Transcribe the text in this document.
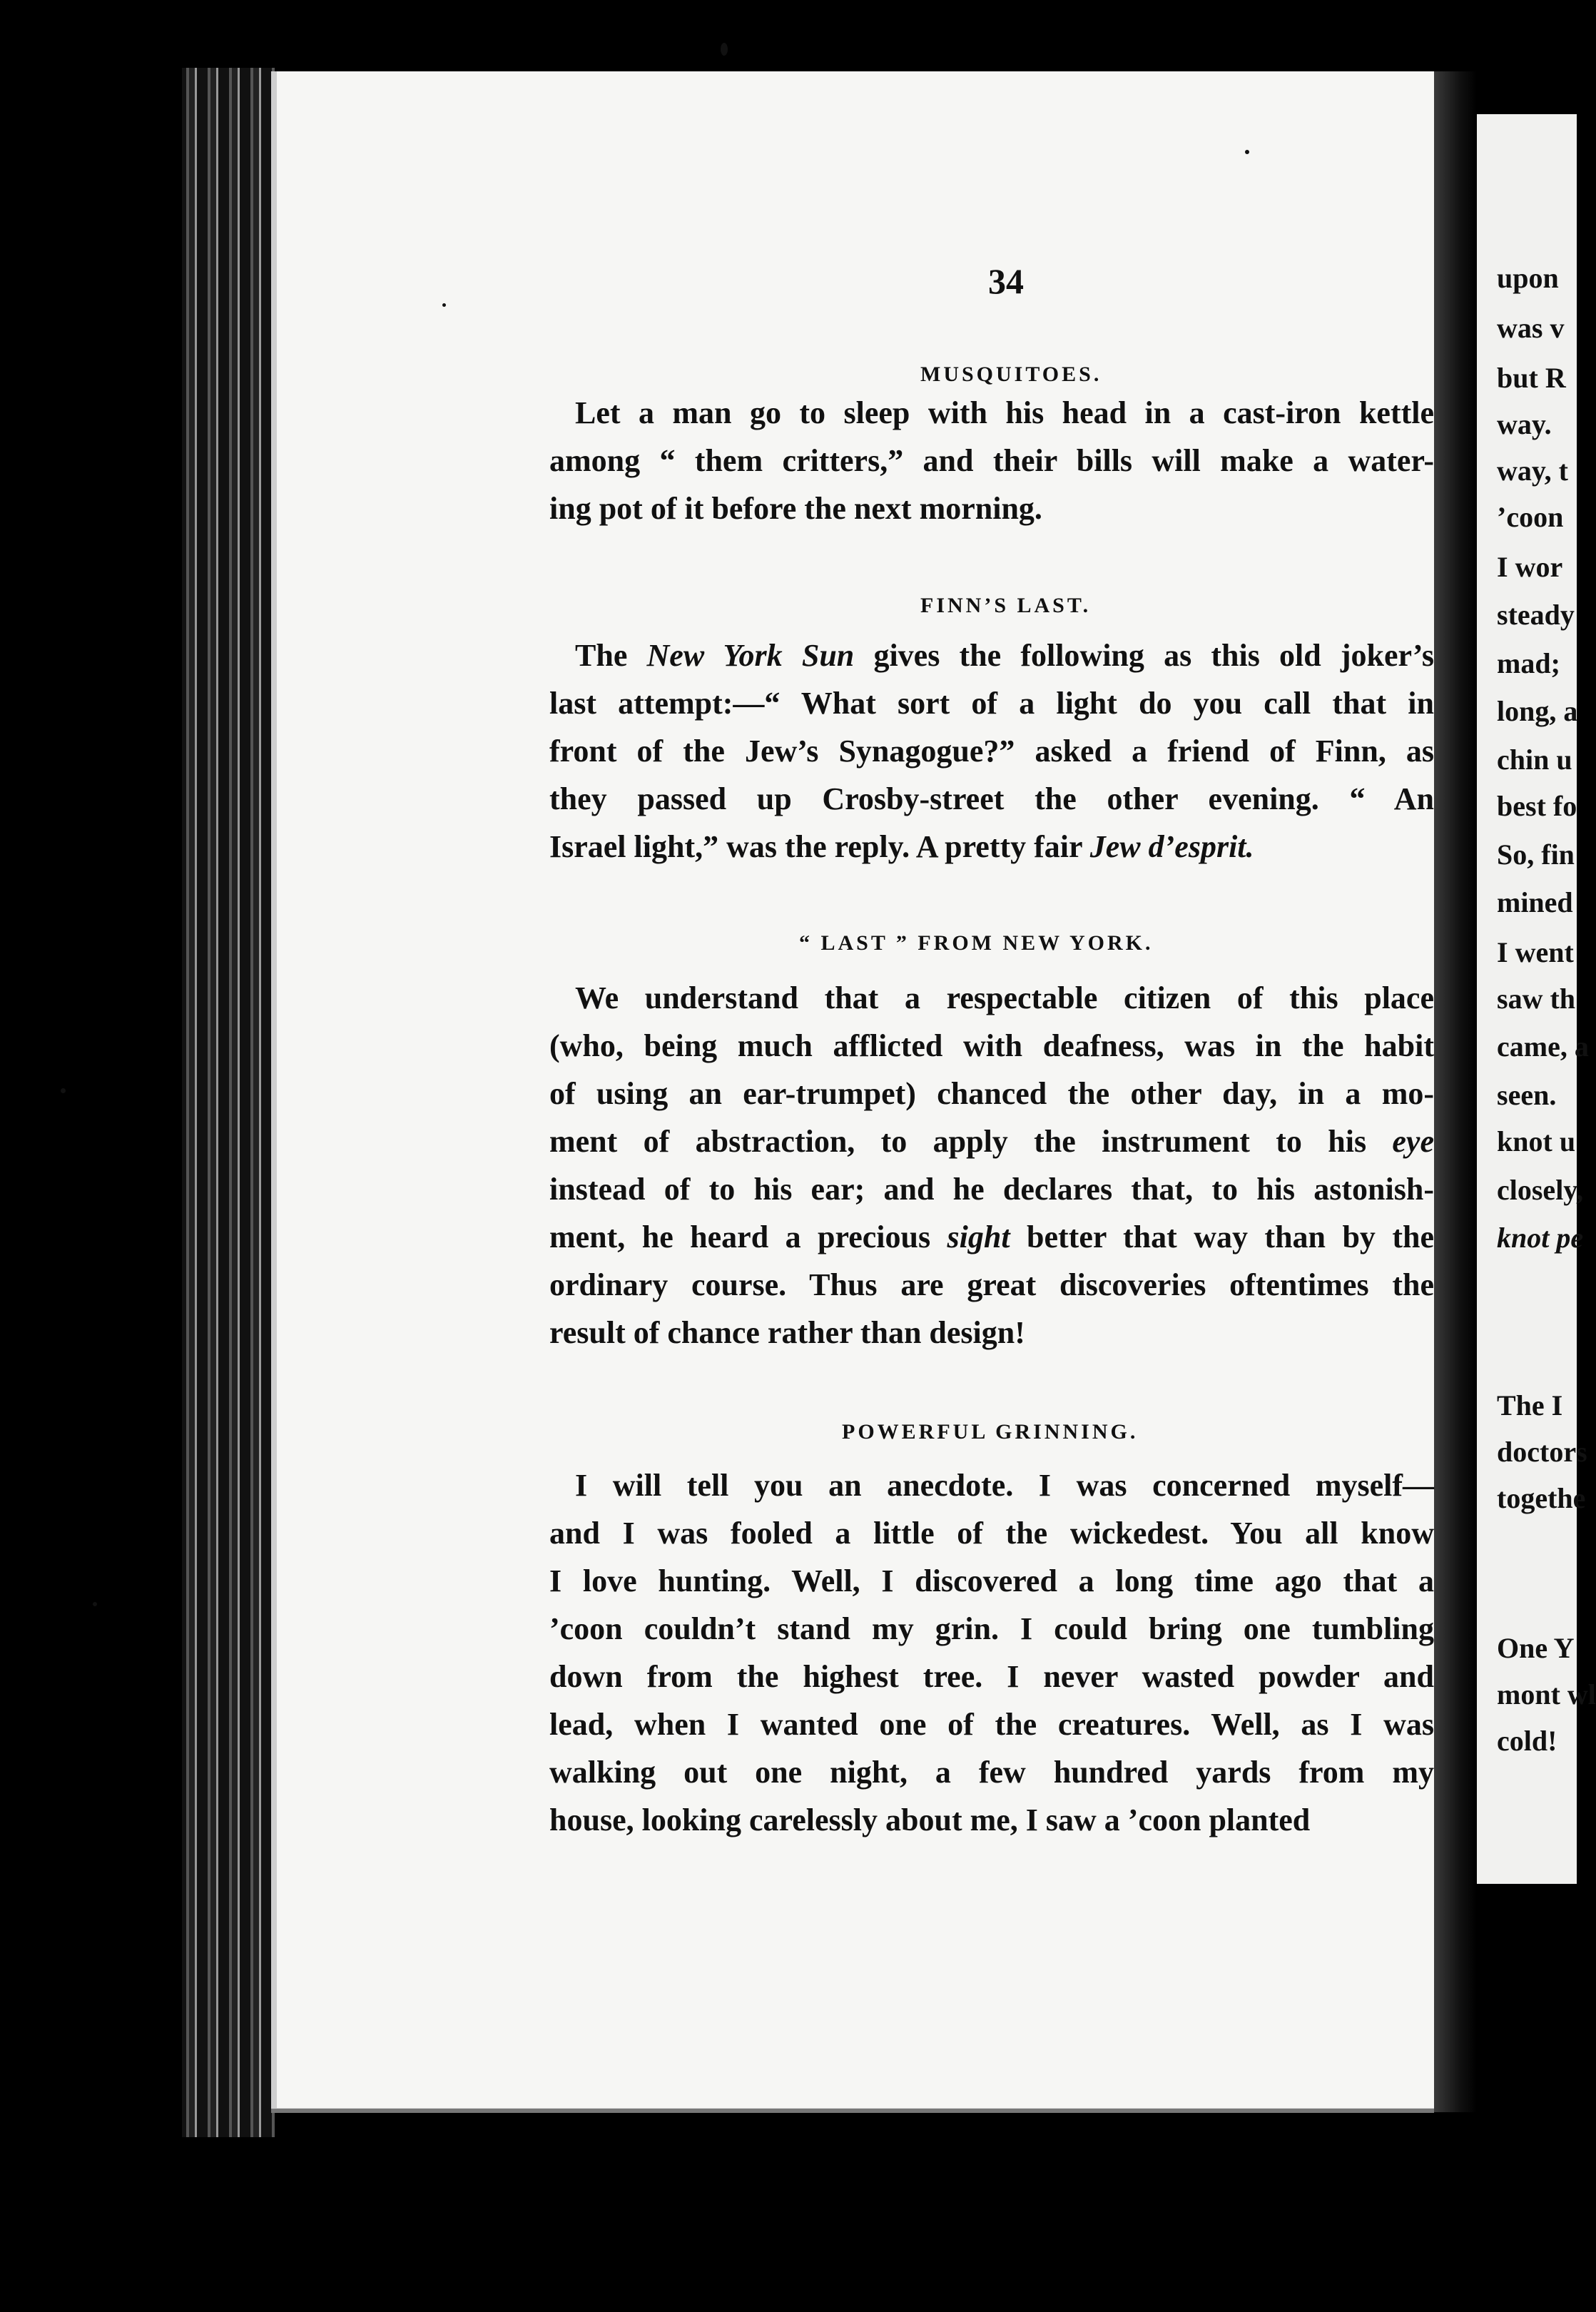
34
MUSQUITOES.
Let a man go to sleep with his head in a cast-iron kettle
among “ them critters,” and their bills will make a water-
ing pot of it before the next morning.
FINN’S LAST.
The New York Sun gives the following as this old joker’s
last attempt:—“ What sort of a light do you call that in
front of the Jew’s Synagogue?” asked a friend of Finn, as
they passed up Crosby-street the other evening. “ An
Israel light,” was the reply. A pretty fair Jew d’esprit.
“ LAST ” FROM NEW YORK.
We understand that a respectable citizen of this place
(who, being much afflicted with deafness, was in the habit
of using an ear-trumpet) chanced the other day, in a mo-
ment of abstraction, to apply the instrument to his eye
instead of to his ear; and he declares that, to his astonish-
ment, he heard a precious sight better that way than by the
ordinary course. Thus are great discoveries oftentimes the
result of chance rather than design!
POWERFUL GRINNING.
I will tell you an anecdote. I was concerned myself—
and I was fooled a little of the wickedest. You all know
I love hunting. Well, I discovered a long time ago that a
’coon couldn’t stand my grin. I could bring one tumbling
down from the highest tree. I never wasted powder and
lead, when I wanted one of the creatures. Well, as I was
walking out one night, a few hundred yards from my
house, looking carelessly about me, I saw a ’coon planted
upon
was v
but R
way.
way, t
’coon
I wor
steady
mad;
long, a
chin u
best fo
So, fin
mined
I went
saw th
came, a
seen.
knot u
closely,
knot pe
The I
doctors
togethe
One Y
mont wl
cold!
